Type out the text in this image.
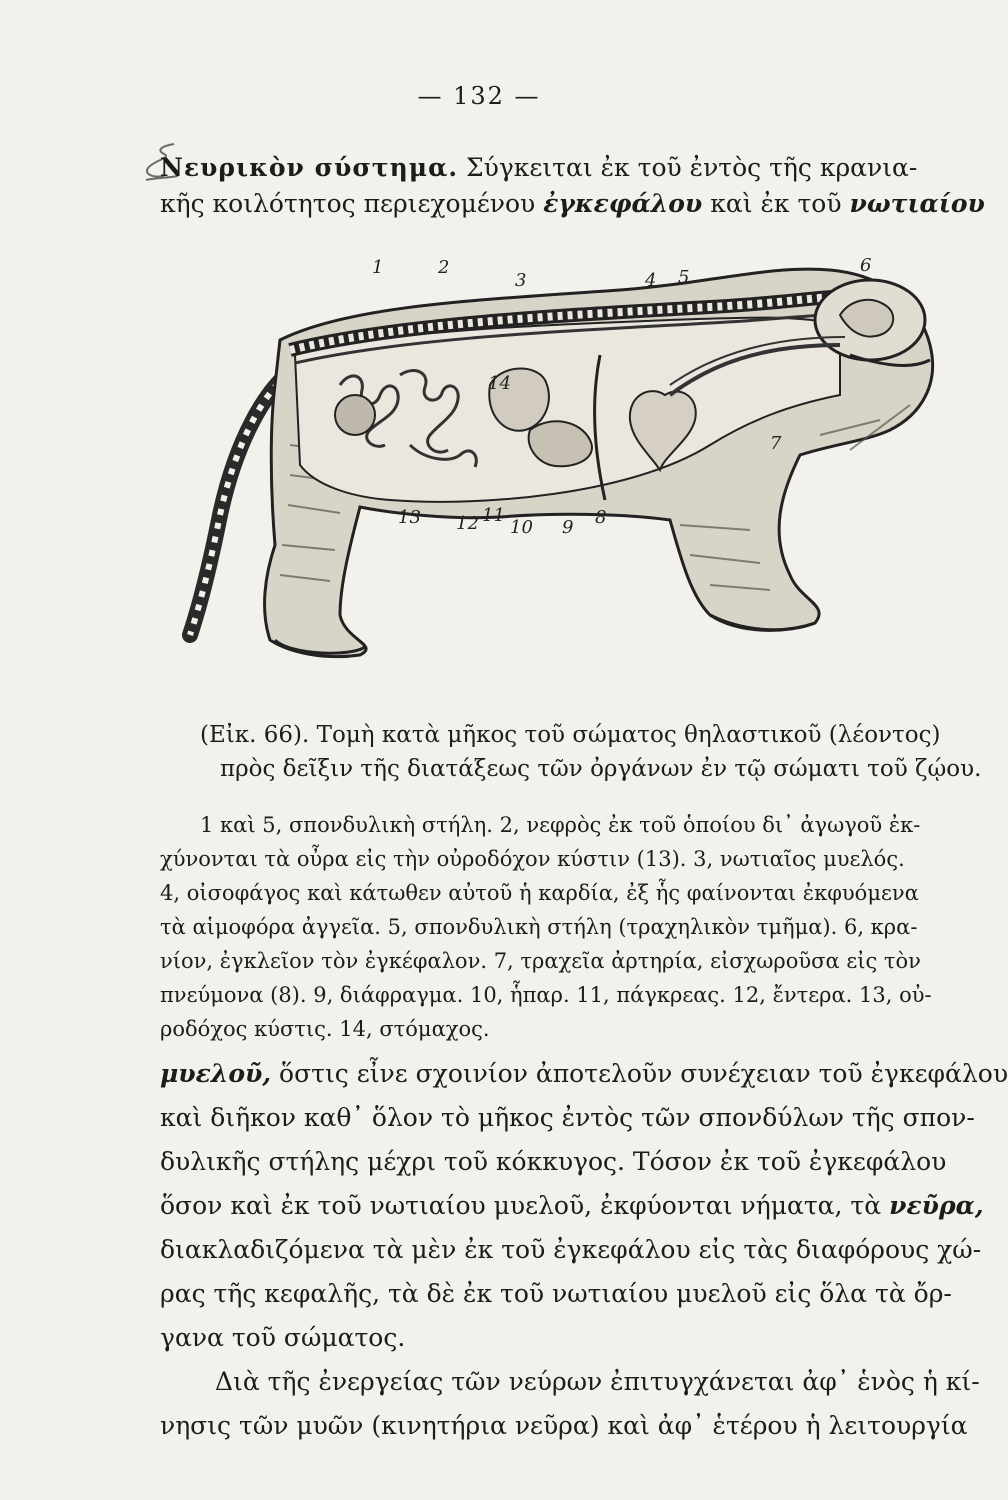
— 132 —
Νευρικὸν σύστημα. Σύγκειται ἐκ τοῦ ἐντὸς τῆς κρανια-
κῆς κοιλότητος περιεχομένου ἐγκεφάλου καὶ ἐκ τοῦ νωτιαίου
1	2
3	4 5
6
7
8
9
10
11
12
13
14
(Εἰκ. 66). Τομὴ κατὰ μῆκος τοῦ σώματος θηλαστικοῦ (λέοντος)
πρὸς δεῖξιν τῆς διατάξεως τῶν ὀργάνων ἐν τῷ σώματι τοῦ ζῴου.
1 καὶ 5, σπονδυλικὴ στήλη. 2, νεφρὸς ἐκ τοῦ ὁποίου δι᾽ ἀγωγοῦ ἐκ-
χύνονται τὰ οὖρα εἰς τὴν οὐροδόχον κύστιν (13). 3, νωτιαῖος μυελός.
4, οἰσοφάγος καὶ κάτωθεν αὐτοῦ ἡ καρδία, ἐξ ἧς φαίνονται ἐκφυόμενα
τὰ αἱμοφόρα ἀγγεῖα. 5, σπονδυλικὴ στήλη (τραχηλικὸν τμῆμα). 6, κρα-
νίον, ἐγκλεῖον τὸν ἐγκέφαλον. 7, τραχεῖα ἀρτηρία, εἰσχωροῦσα εἰς τὸν
πνεύμονα (8). 9, διάφραγμα. 10, ἧπαρ. 11, πάγκρεας. 12, ἔντερα. 13, οὐ-
ροδόχος κύστις. 14, στόμαχος.
μυελοῦ, ὅστις εἶνε σχοινίον ἀποτελοῦν συνέχειαν τοῦ ἐγκεφάλου
καὶ διῆκον καθ᾽ ὅλον τὸ μῆκος ἐντὸς τῶν σπονδύλων τῆς σπον-
δυλικῆς στήλης μέχρι τοῦ κόκκυγος. Τόσον ἐκ τοῦ ἐγκεφάλου
ὅσον καὶ ἐκ τοῦ νωτιαίου μυελοῦ, ἐκφύονται νήματα, τὰ νεῦρα,
διακλαδιζόμενα τὰ μὲν ἐκ τοῦ ἐγκεφάλου εἰς τὰς διαφόρους χώ-
ρας τῆς κεφαλῆς, τὰ δὲ ἐκ τοῦ νωτιαίου μυελοῦ εἰς ὅλα τὰ ὄρ-
γανα τοῦ σώματος.
Διὰ τῆς ἐνεργείας τῶν νεύρων ἐπιτυγχάνεται ἀφ᾽ ἑνὸς ἡ κί-
νησις τῶν μυῶν (κινητήρια νεῦρα) καὶ ἀφ᾽ ἑτέρου ἡ λειτουργία
